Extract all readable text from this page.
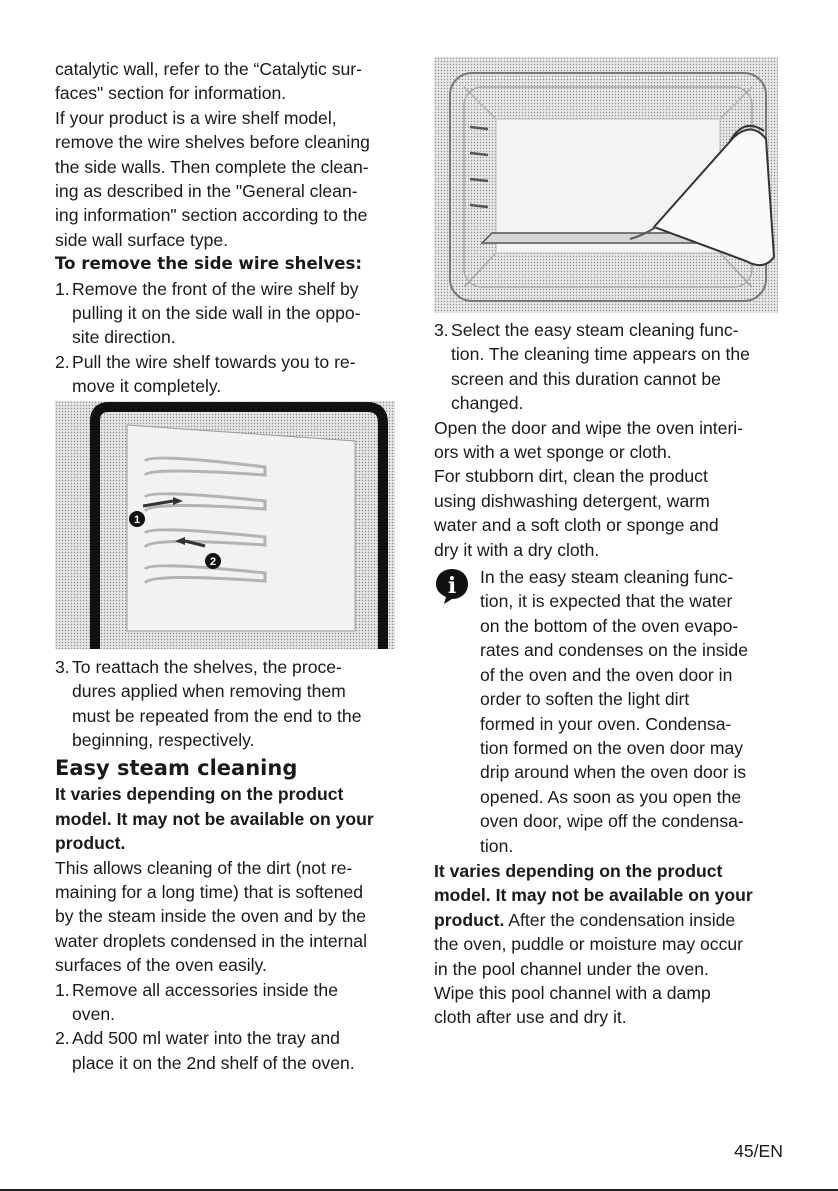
catalytic wall, refer to the “Catalytic sur-
faces" section for information.

If your product is a wire shelf model,
remove the wire shelves before cleaning
the side walls. Then complete the clean-
ing as described in the "General clean-
ing information" section according to the
side wall surface type.

To remove the side wire shelves:

1. Remove the front of the wire shelf by
pulling it on the side wall in the oppo-
site direction.
2. Pull the wire shelf towards you to re-
move it completely.
1
2
3. To reattach the shelves, the proce-
dures applied when removing them
must be repeated from the end to the
beginning, respectively.

Easy steam cleaning

It varies depending on the product
model. It may not be available on your
product.

This allows cleaning of the dirt (not re-
maining for a long time) that is softened
by the steam inside the oven and by the
water droplets condensed in the internal
surfaces of the oven easily.

1. Remove all accessories inside the
oven.
2. Add 500 ml water into the tray and
place it on the 2nd shelf of the oven.
3. Select the easy steam cleaning func-
tion. The cleaning time appears on the
screen and this duration cannot be
changed.

Open the door and wipe the oven interi-
ors with a wet sponge or cloth.

For stubborn dirt, clean the product
using dishwashing detergent, warm
water and a soft cloth or sponge and
dry it with a dry cloth.

i In the easy steam cleaning func-
tion, it is expected that the water
on the bottom of the oven evapo-
rates and condenses on the inside
of the oven and the oven door in
order to soften the light dirt
formed in your oven. Condensa-
tion formed on the oven door may
drip around when the oven door is
opened. As soon as you open the
oven door, wipe off the condensa-
tion.

It varies depending on the product
model. It may not be available on your
product. After the condensation inside
the oven, puddle or moisture may occur
in the pool channel under the oven.
Wipe this pool channel with a damp
cloth after use and dry it.

45/EN
